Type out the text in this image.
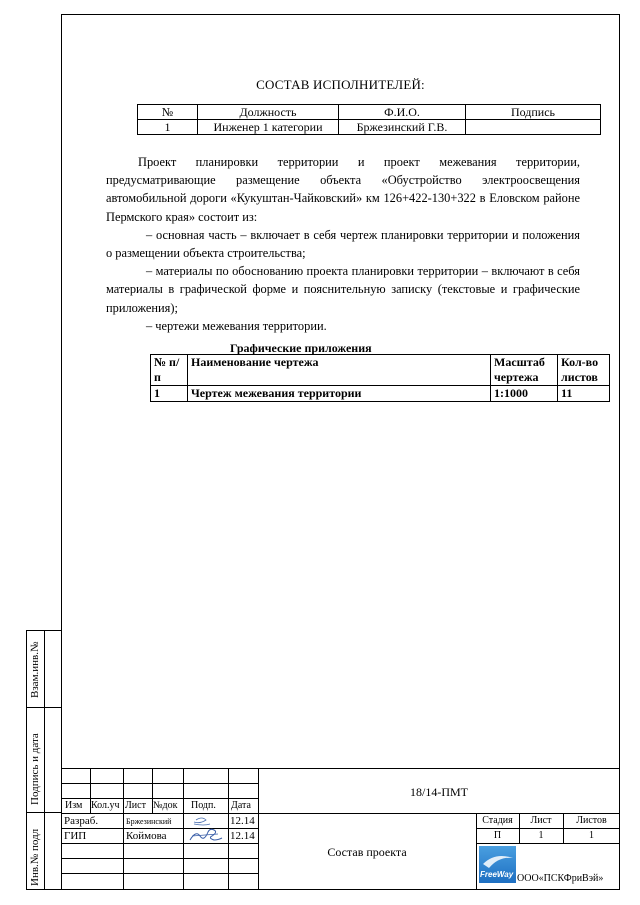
СОСТАВ ИСПОЛНИТЕЛЕЙ:
№	Должность	Ф.И.О.	Подпись
1	Инженер 1 категории	Бржезинский Г.В.	

Проект планировки территории и проект межевания территории, предусматривающие размещение объекта «Обустройство электроосвещения автомобильной дороги «Кукуштан-Чайковский» км 126+422-130+322 в Еловском районе Пермского края» состоит из:

– основная часть – включает в себя чертеж планировки территории и положения о размещении объекта строительства;

– материалы по обоснованию проекта планировки территории – включают в себя материалы в графической форме и пояснительную записку (текстовые и графические приложения);

– чертежи межевания территории.

Графические приложения
№ п/п	Наименование чертежа	Масштаб чертежа	Кол-во листов
1	Чертеж межевания территории	1:1000	11
Взам.инв.№
Подпись и дата
Инв.№ подл
Изм Кол.уч Лист №док Подп. Дата
Разраб.	Бржезинский	12.14
ГИП	Коймова	12.14
18/14-ПМТ
Состав проекта
Стадия	Лист	Листов
П	1	1
FreeWay ООО«ПСКФриВэй»
